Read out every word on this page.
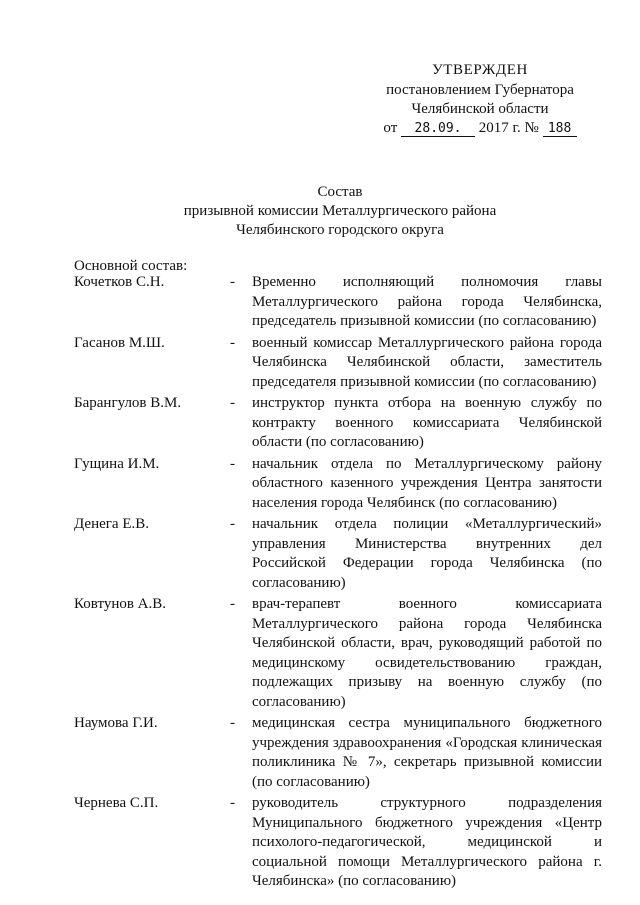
УТВЕРЖДЕН
постановлением Губернатора
Челябинской области
от 28.09. 2017 г. № 188
Состав
призывной комиссии Металлургического района
Челябинского городского округа
Основной состав:
Кочетков С.Н.	-	Временно исполняющий полномочия главы Металлургического района города Челябинска, председатель призывной комиссии (по согласованию)
Гасанов М.Ш.	-	военный комиссар Металлургического района города Челябинска Челябинской области, заместитель председателя призывной комиссии (по согласованию)
Барангулов В.М.	-	инструктор пункта отбора на военную службу по контракту военного комиссариата Челябинской области (по согласованию)
Гущина И.М.	-	начальник отдела по Металлургическому району областного казенного учреждения Центра занятости населения города Челябинск (по согласованию)
Денега Е.В.	-	начальник отдела полиции «Металлургический» управления Министерства внутренних дел Российской Федерации города Челябинска (по согласованию)
Ковтунов А.В.	-	врач-терапевт военного комиссариата Металлургического района города Челябинска Челябинской области, врач, руководящий работой по медицинскому освидетельствованию граждан, подлежащих призыву на военную службу (по согласованию)
Наумова Г.И.	-	медицинская сестра муниципального бюджетного учреждения здравоохранения «Городская клиническая поликлиника № 7», секретарь призывной комиссии (по согласованию)
Чернева С.П.	-	руководитель структурного подразделения Муниципального бюджетного учреждения «Центр психолого-педагогической, медицинской и социальной помощи Металлургического района г. Челябинска» (по согласованию)
